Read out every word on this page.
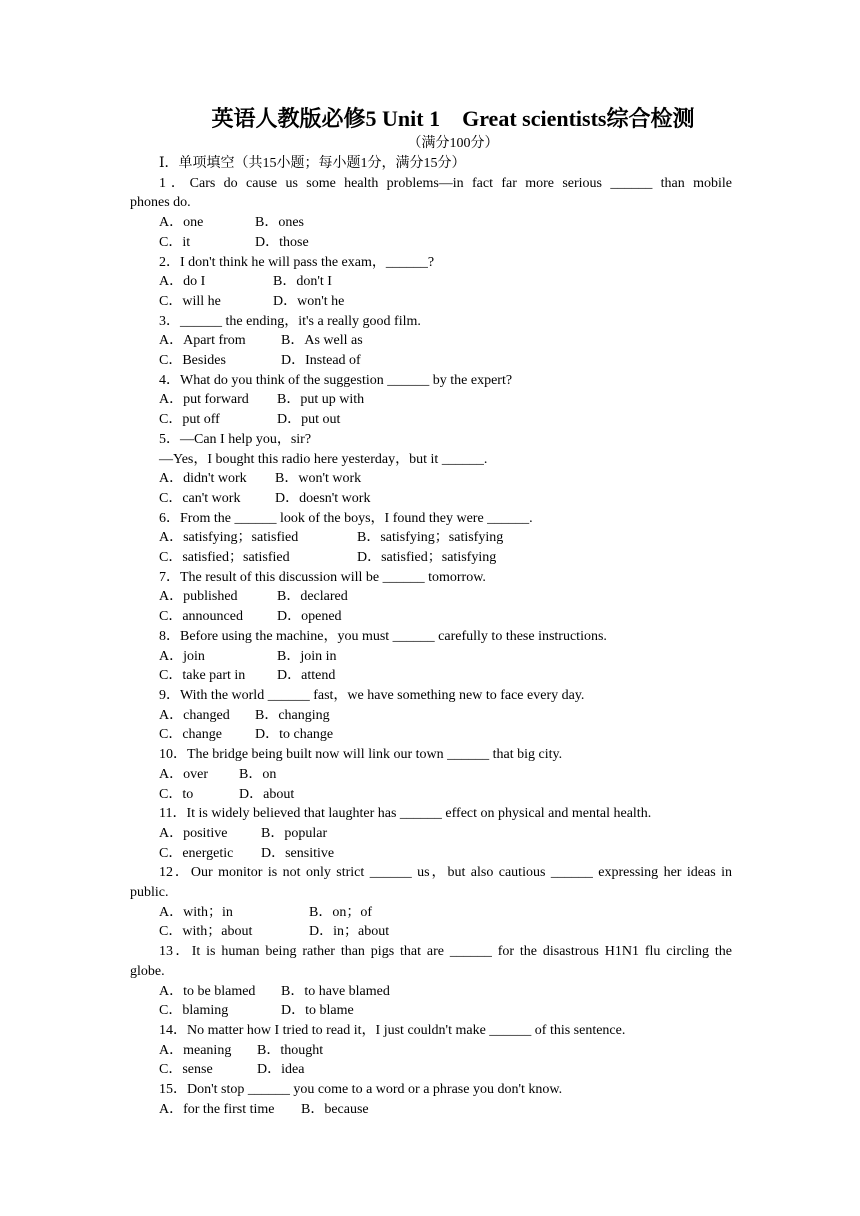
英语人教版必修5 Unit 1　Great scientists综合检测
（满分100分）
Ⅰ．单项填空（共15小题；每小题1分，满分15分）
1．Cars do cause us some health problems—in fact far more serious ______ than mobile
phones do.
A．one	B．ones
C．it	D．those
2．I don't think he will pass the exam，______?
A．do I	B．don't I
C．will he	D．won't he
3．______ the ending，it's a really good film.
A．Apart from	B．As well as
C．Besides	D．Instead of
4．What do you think of the suggestion ______ by the expert?
A．put forward	B．put up with
C．put off	D．put out
5．—Can I help you，sir?
—Yes，I bought this radio here yesterday，but it ______.
A．didn't work	B．won't work
C．can't work	D．doesn't work
6．From the ______ look of the boys，I found they were ______.
A．satisfying；satisfied	B．satisfying；satisfying
C．satisfied；satisfied	D．satisfied；satisfying
7．The result of this discussion will be ______ tomorrow.
A．published	B．declared
C．announced	D．opened
8．Before using the machine，you must ______ carefully to these instructions.
A．join	B．join in
C．take part in	D．attend
9．With the world ______ fast，we have something new to face every day.
A．changed	B．changing
C．change	D．to change
10．The bridge being built now will link our town ______ that big city.
A．over	B．on
C．to	D．about
11．It is widely believed that laughter has ______ effect on physical and mental health.
A．positive	B．popular
C．energetic	D．sensitive
12．Our monitor is not only strict ______ us，but also cautious ______ expressing her ideas in
public.
A．with；in	B．on；of
C．with；about	D．in；about
13．It is human being rather than pigs that are ______ for the disastrous H1N1 flu circling the
globe.
A．to be blamed	B．to have blamed
C．blaming	D．to blame
14．No matter how I tried to read it，I just couldn't make ______ of this sentence.
A．meaning	B．thought
C．sense	D．idea
15．Don't stop ______ you come to a word or a phrase you don't know.
A．for the first time	B．because
